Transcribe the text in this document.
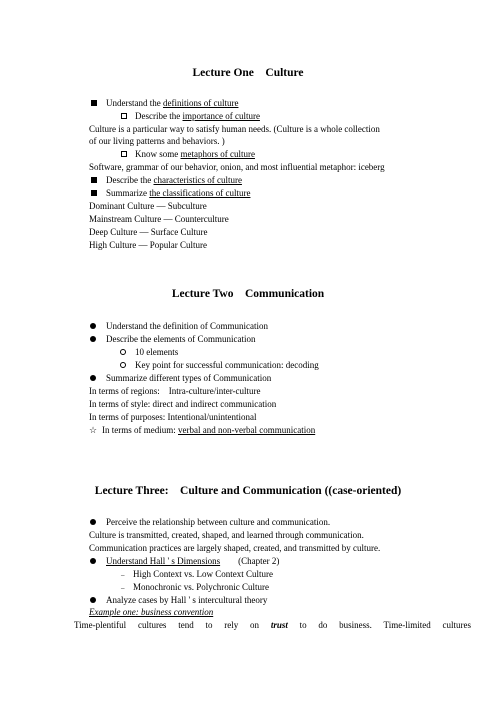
Lecture One    Culture
Understand the definitions of culture
Describe the importance of culture
Culture is a particular way to satisfy human needs. (Culture is a whole collection
of our living patterns and behaviors. )
Know some metaphors of culture
Software, grammar of our behavior, onion, and most influential metaphor: iceberg
Describe the characteristics of culture
Summarize the classifications of culture
Dominant Culture — Subculture
Mainstream Culture — Counterculture
Deep Culture — Surface Culture
High Culture — Popular Culture
Lecture Two    Communication
Understand the definition of Communication
Describe the elements of Communication
10 elements
Key point for successful communication: decoding
Summarize different types of Communication
In terms of regions:    Intra-culture/inter-culture
In terms of style: direct and indirect communication
In terms of purposes: Intentional/unintentional
☆ In terms of medium: verbal and non-verbal communication
Lecture Three:    Culture and Communication ((case-oriented)
Perceive the relationship between culture and communication.
Culture is transmitted, created, shaped, and learned through communication.
Communication practices are largely shaped, created, and transmitted by culture.
Understand Hall ' s Dimensions        (Chapter 2)
– High Context vs. Low Context Culture
– Monochronic vs. Polychronic Culture
Analyze cases by Hall ' s intercultural theory
Example one: business convention
Time-plentiful cultures tend to rely on trust to do business. Time-limited cultures
